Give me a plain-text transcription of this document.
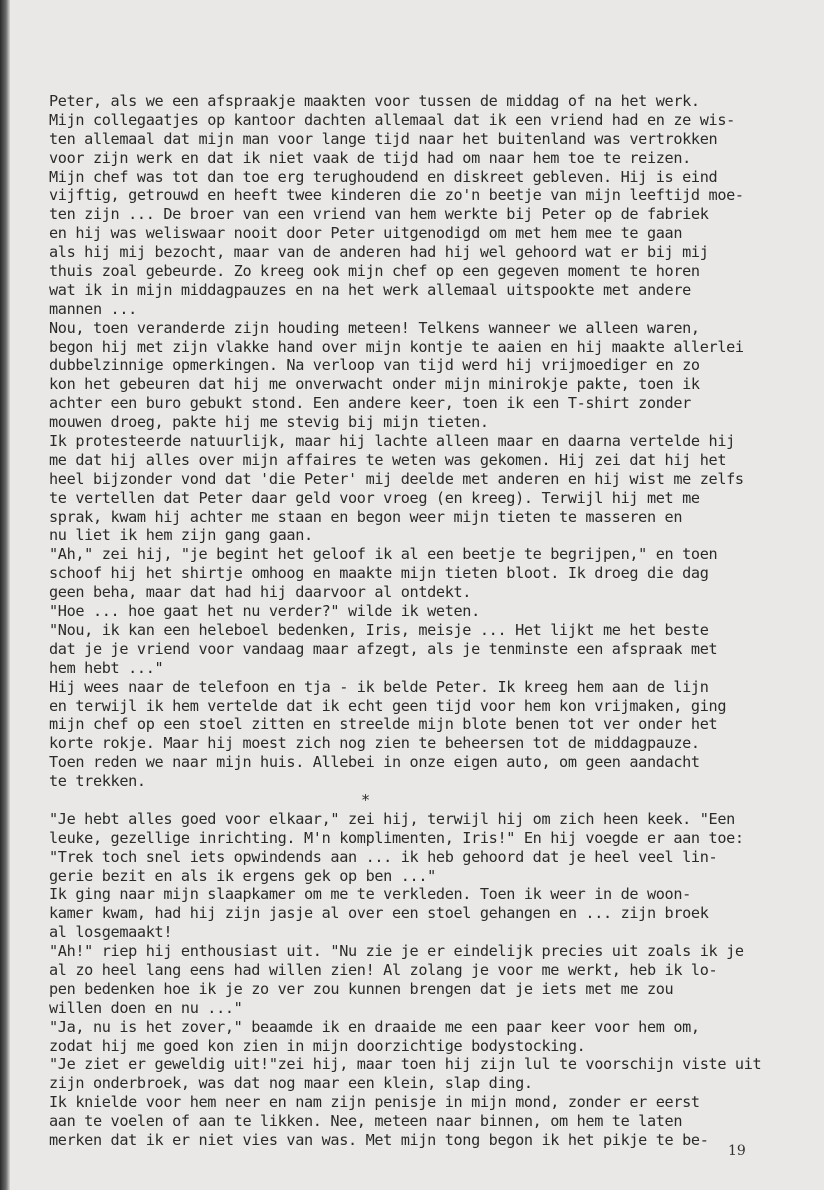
Peter, als we een afspraakje maakten voor tussen de middag of na het werk.
Mijn collegaatjes op kantoor dachten allemaal dat ik een vriend had en ze wis-
ten allemaal dat mijn man voor lange tijd naar het buitenland was vertrokken
voor zijn werk en dat ik niet vaak de tijd had om naar hem toe te reizen.
Mijn chef was tot dan toe erg terughoudend en diskreet gebleven. Hij is eind
vijftig, getrouwd en heeft twee kinderen die zo'n beetje van mijn leeftijd moe-
ten zijn ... De broer van een vriend van hem werkte bij Peter op de fabriek
en hij was weliswaar nooit door Peter uitgenodigd om met hem mee te gaan
als hij mij bezocht, maar van de anderen had hij wel gehoord wat er bij mij
thuis zoal gebeurde. Zo kreeg ook mijn chef op een gegeven moment te horen
wat ik in mijn middagpauzes en na het werk allemaal uitspookte met andere
mannen ...
Nou, toen veranderde zijn houding meteen! Telkens wanneer we alleen waren,
begon hij met zijn vlakke hand over mijn kontje te aaien en hij maakte allerlei
dubbelzinnige opmerkingen. Na verloop van tijd werd hij vrijmoediger en zo
kon het gebeuren dat hij me onverwacht onder mijn minirokje pakte, toen ik
achter een buro gebukt stond. Een andere keer, toen ik een T-shirt zonder
mouwen droeg, pakte hij me stevig bij mijn tieten.
Ik protesteerde natuurlijk, maar hij lachte alleen maar en daarna vertelde hij
me dat hij alles over mijn affaires te weten was gekomen. Hij zei dat hij het
heel bijzonder vond dat 'die Peter' mij deelde met anderen en hij wist me zelfs
te vertellen dat Peter daar geld voor vroeg (en kreeg). Terwijl hij met me
sprak, kwam hij achter me staan en begon weer mijn tieten te masseren en
nu liet ik hem zijn gang gaan.
"Ah," zei hij, "je begint het geloof ik al een beetje te begrijpen," en toen
schoof hij het shirtje omhoog en maakte mijn tieten bloot. Ik droeg die dag
geen beha, maar dat had hij daarvoor al ontdekt.
"Hoe ... hoe gaat het nu verder?" wilde ik weten.
"Nou, ik kan een heleboel bedenken, Iris, meisje ... Het lijkt me het beste
dat je je vriend voor vandaag maar afzegt, als je tenminste een afspraak met
hem hebt ..."
Hij wees naar de telefoon en tja - ik belde Peter. Ik kreeg hem aan de lijn
en terwijl ik hem vertelde dat ik echt geen tijd voor hem kon vrijmaken, ging
mijn chef op een stoel zitten en streelde mijn blote benen tot ver onder het
korte rokje. Maar hij moest zich nog zien te beheersen tot de middagpauze.
Toen reden we naar mijn huis. Allebei in onze eigen auto, om geen aandacht
te trekken.
*
"Je hebt alles goed voor elkaar," zei hij, terwijl hij om zich heen keek. "Een
leuke, gezellige inrichting. M'n komplimenten, Iris!" En hij voegde er aan toe:
"Trek toch snel iets opwindends aan ... ik heb gehoord dat je heel veel lin-
gerie bezit en als ik ergens gek op ben ..."
Ik ging naar mijn slaapkamer om me te verkleden. Toen ik weer in de woon-
kamer kwam, had hij zijn jasje al over een stoel gehangen en ... zijn broek
al losgemaakt!
"Ah!" riep hij enthousiast uit. "Nu zie je er eindelijk precies uit zoals ik je
al zo heel lang eens had willen zien! Al zolang je voor me werkt, heb ik lo-
pen bedenken hoe ik je zo ver zou kunnen brengen dat je iets met me zou
willen doen en nu ..."
"Ja, nu is het zover," beaamde ik en draaide me een paar keer voor hem om,
zodat hij me goed kon zien in mijn doorzichtige bodystocking.
"Je ziet er geweldig uit!"zei hij, maar toen hij zijn lul te voorschijn viste uit
zijn onderbroek, was dat nog maar een klein, slap ding.
Ik knielde voor hem neer en nam zijn penisje in mijn mond, zonder er eerst
aan te voelen of aan te likken. Nee, meteen naar binnen, om hem te laten
merken dat ik er niet vies van was. Met mijn tong begon ik het pikje te be-
19
